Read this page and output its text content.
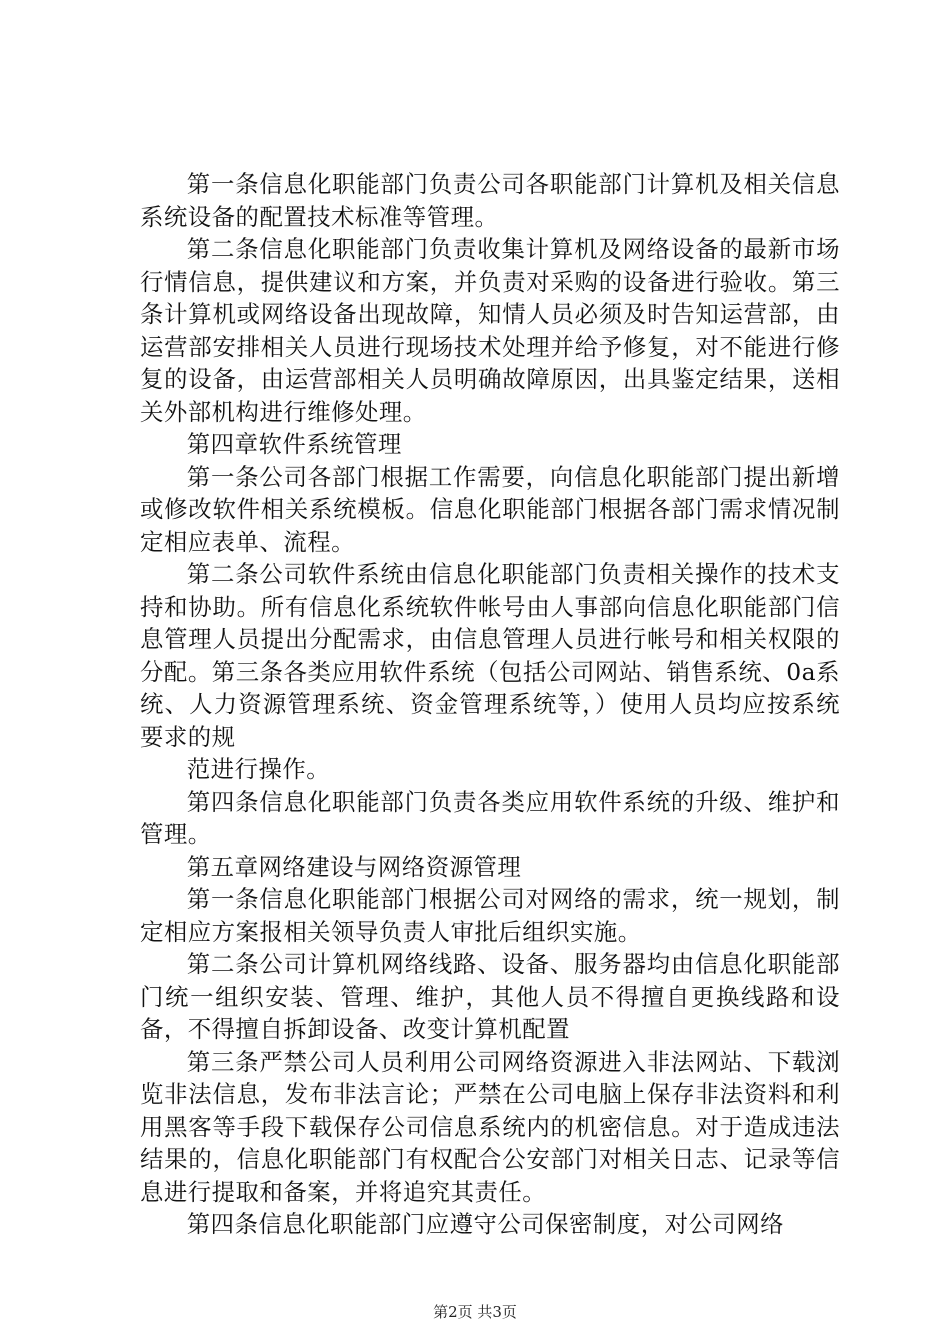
第一条信息化职能部门负责公司各职能部门计算机及相关信息系统设备的配置技术标准等管理。

第二条信息化职能部门负责收集计算机及网络设备的最新市场行情信息，提供建议和方案，并负责对采购的设备进行验收。第三条计算机或网络设备出现故障，知情人员必须及时告知运营部，由运营部安排相关人员进行现场技术处理并给予修复，对不能进行修复的设备，由运营部相关人员明确故障原因，出具鉴定结果，送相关外部机构进行维修处理。

第四章软件系统管理

第一条公司各部门根据工作需要，向信息化职能部门提出新增或修改软件相关系统模板。信息化职能部门根据各部门需求情况制定相应表单、流程。

第二条公司软件系统由信息化职能部门负责相关操作的技术支持和协助。所有信息化系统软件帐号由人事部向信息化职能部门信息管理人员提出分配需求，由信息管理人员进行帐号和相关权限的分配。第三条各类应用软件系统（包括公司网站、销售系统、0a系统、人力资源管理系统、资金管理系统等，）使用人员均应按系统要求的规

范进行操作。

第四条信息化职能部门负责各类应用软件系统的升级、维护和管理。

第五章网络建设与网络资源管理

第一条信息化职能部门根据公司对网络的需求，统一规划，制定相应方案报相关领导负责人审批后组织实施。

第二条公司计算机网络线路、设备、服务器均由信息化职能部门统一组织安装、管理、维护，其他人员不得擅自更换线路和设备，不得擅自拆卸设备、改变计算机配置

第三条严禁公司人员利用公司网络资源进入非法网站、下载浏览非法信息，发布非法言论；严禁在公司电脑上保存非法资料和利用黑客等手段下载保存公司信息系统内的机密信息。对于造成违法结果的，信息化职能部门有权配合公安部门对相关日志、记录等信息进行提取和备案，并将追究其责任。

第四条信息化职能部门应遵守公司保密制度，对公司网络

第2页 共3页
